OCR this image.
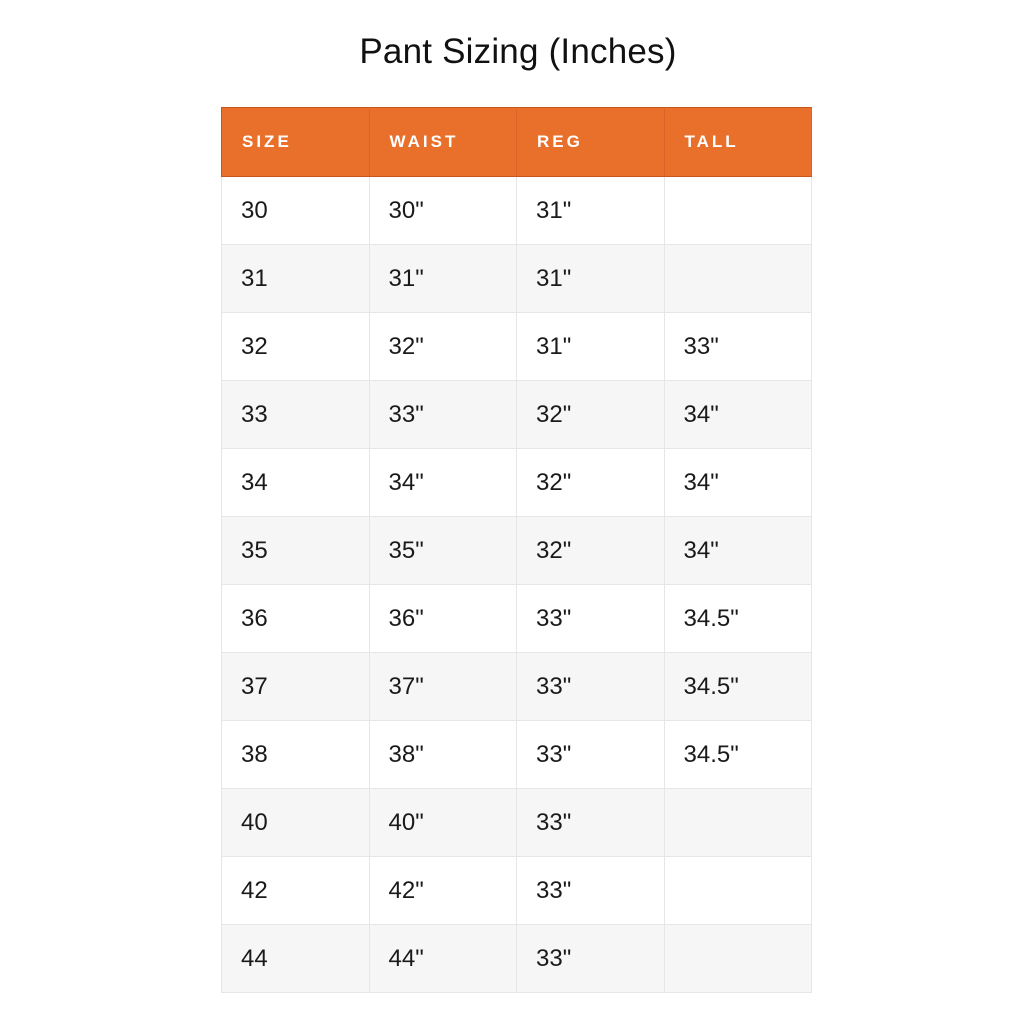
Pant Sizing (Inches)
SIZE	WAIST	REG	TALL
30	30"	31"	
31	31"	31"	
32	32"	31"	33"
33	33"	32"	34"
34	34"	32"	34"
35	35"	32"	34"
36	36"	33"	34.5"
37	37"	33"	34.5"
38	38"	33"	34.5"
40	40"	33"	
42	42"	33"	
44	44"	33"	
